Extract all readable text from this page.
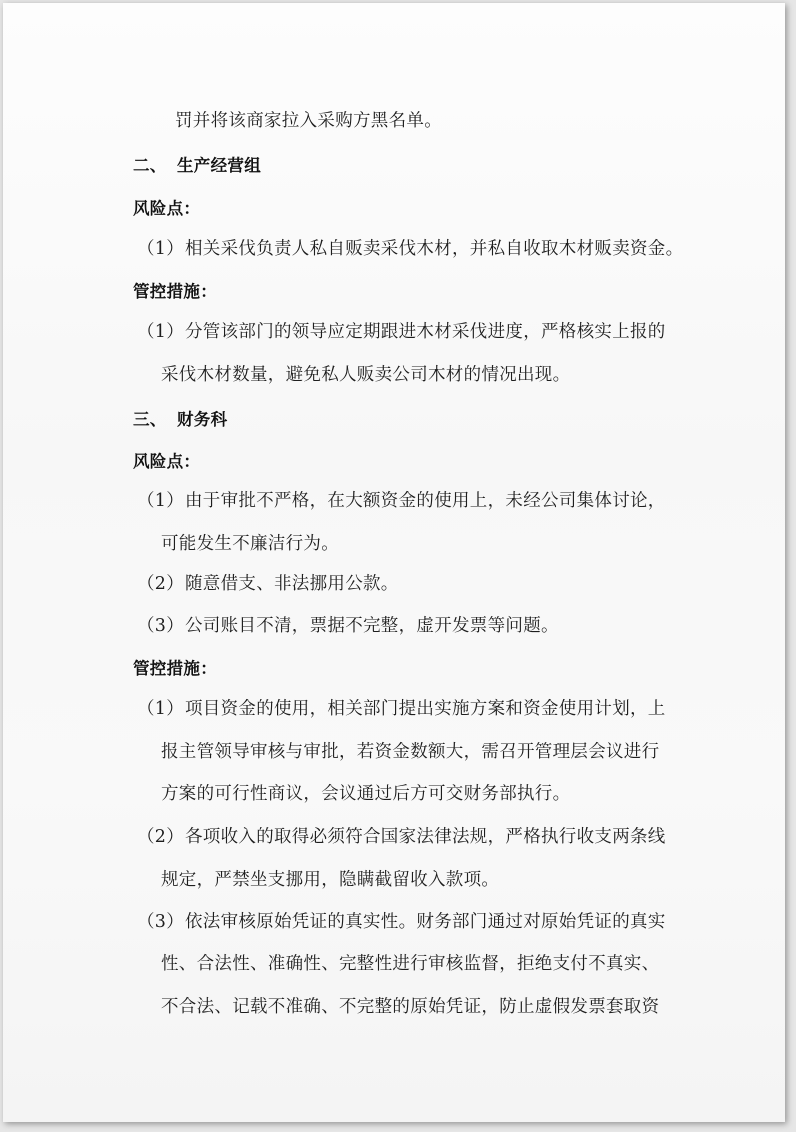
罚并将该商家拉入采购方黑名单。
二、 生产经营组
风险点：
（1）相关采伐负责人私自贩卖采伐木材，并私自收取木材贩卖资金。
管控措施：
（1）分管该部门的领导应定期跟进木材采伐进度，严格核实上报的
采伐木材数量，避免私人贩卖公司木材的情况出现。
三、 财务科
风险点：
（1）由于审批不严格，在大额资金的使用上，未经公司集体讨论，
可能发生不廉洁行为。
（2）随意借支、非法挪用公款。
（3）公司账目不清，票据不完整，虚开发票等问题。
管控措施：
（1）项目资金的使用，相关部门提出实施方案和资金使用计划，上
报主管领导审核与审批，若资金数额大，需召开管理层会议进行
方案的可行性商议，会议通过后方可交财务部执行。
（2）各项收入的取得必须符合国家法律法规，严格执行收支两条线
规定，严禁坐支挪用，隐瞒截留收入款项。
（3）依法审核原始凭证的真实性。财务部门通过对原始凭证的真实
性、合法性、准确性、完整性进行审核监督，拒绝支付不真实、
不合法、记载不准确、不完整的原始凭证，防止虚假发票套取资
